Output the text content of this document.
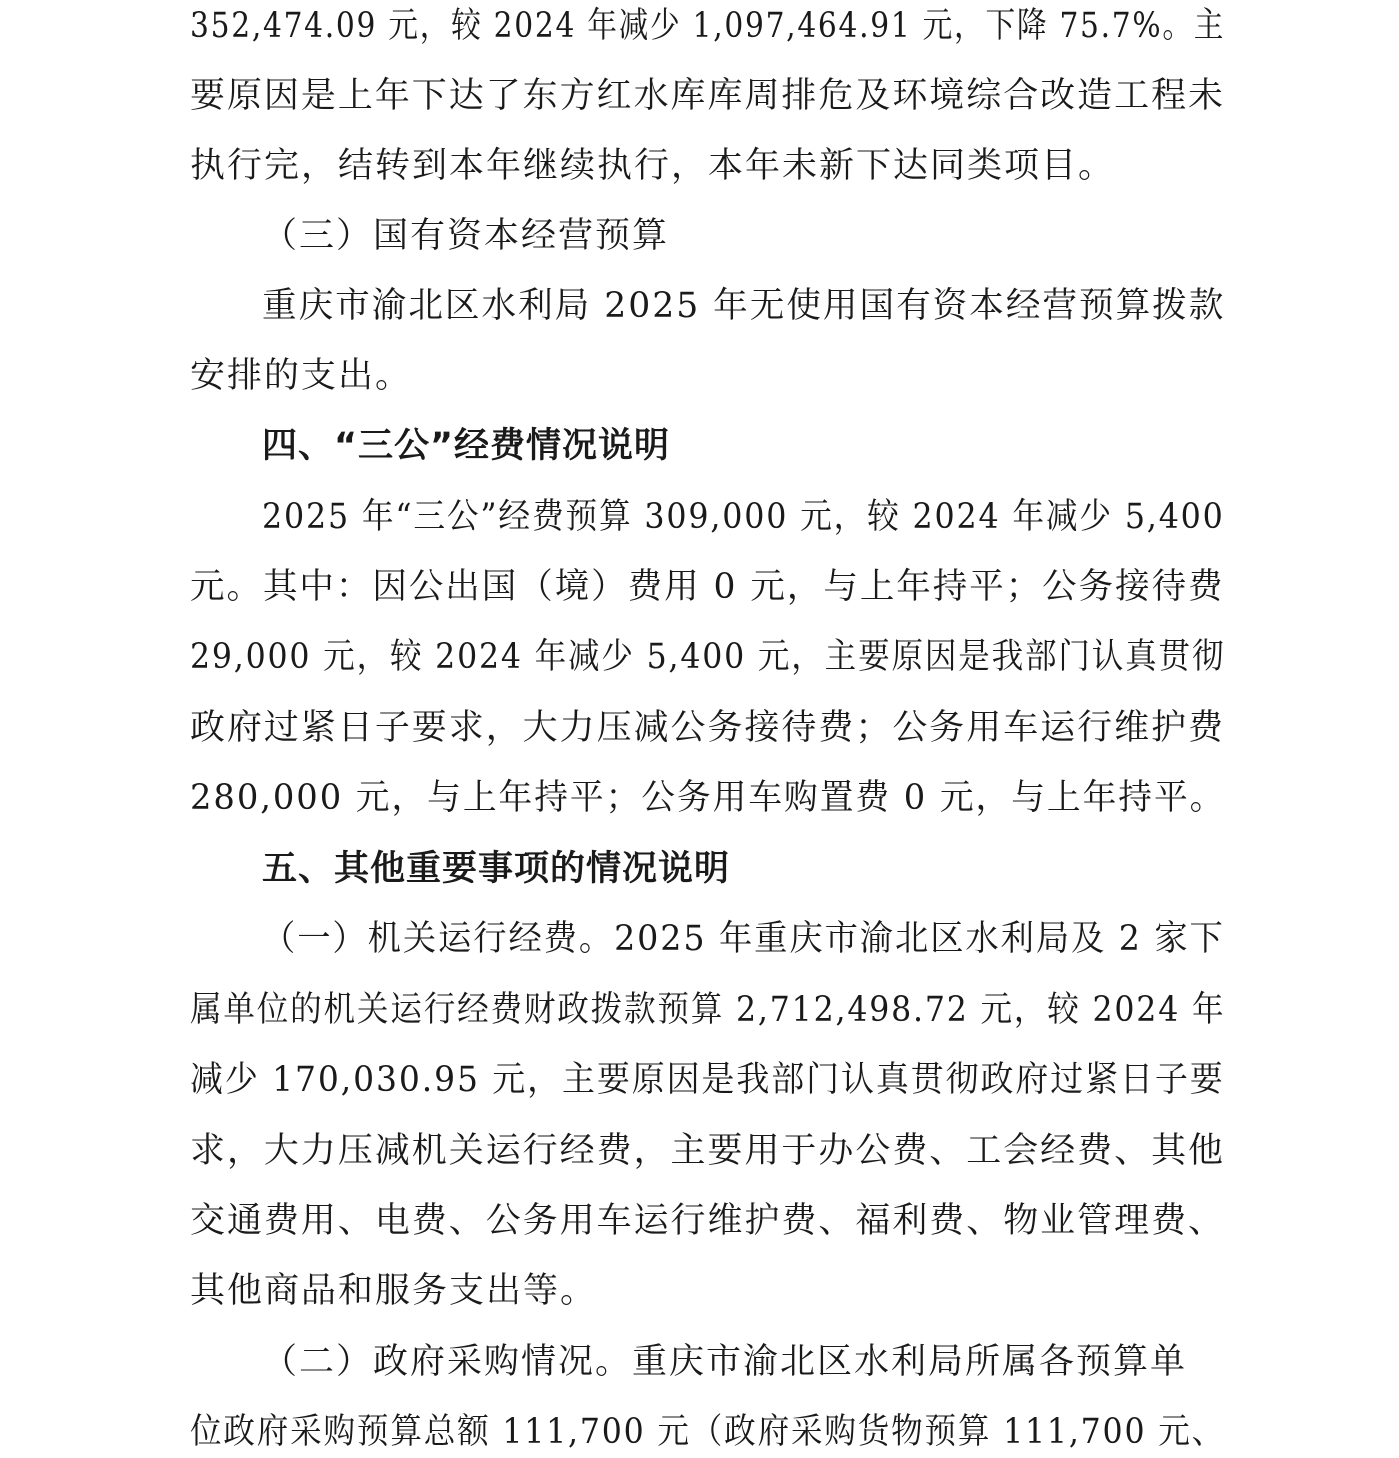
352,474.09 元，较 2024 年减少 1,097,464.91 元，下降 75.7%。主
要原因是上年下达了东方红水库库周排危及环境综合改造工程未
执行完，结转到本年继续执行，本年未新下达同类项目。
（三）国有资本经营预算
重庆市渝北区水利局 2025 年无使用国有资本经营预算拨款
安排的支出。
四、“三公”经费情况说明
2025 年“三公”经费预算 309,000 元，较 2024 年减少 5,400
元。其中：因公出国（境）费用 0 元，与上年持平；公务接待费
29,000 元，较 2024 年减少 5,400 元，主要原因是我部门认真贯彻
政府过紧日子要求，大力压减公务接待费；公务用车运行维护费
280,000 元，与上年持平；公务用车购置费 0 元，与上年持平。
五、其他重要事项的情况说明
（一）机关运行经费。2025 年重庆市渝北区水利局及 2 家下
属单位的机关运行经费财政拨款预算 2,712,498.72 元，较 2024 年
减少 170,030.95 元，主要原因是我部门认真贯彻政府过紧日子要
求，大力压减机关运行经费，主要用于办公费、工会经费、其他
交通费用、电费、公务用车运行维护费、福利费、物业管理费、
其他商品和服务支出等。
（二）政府采购情况。重庆市渝北区水利局所属各预算单
位政府采购预算总额 111,700 元（政府采购货物预算 111,700 元、
